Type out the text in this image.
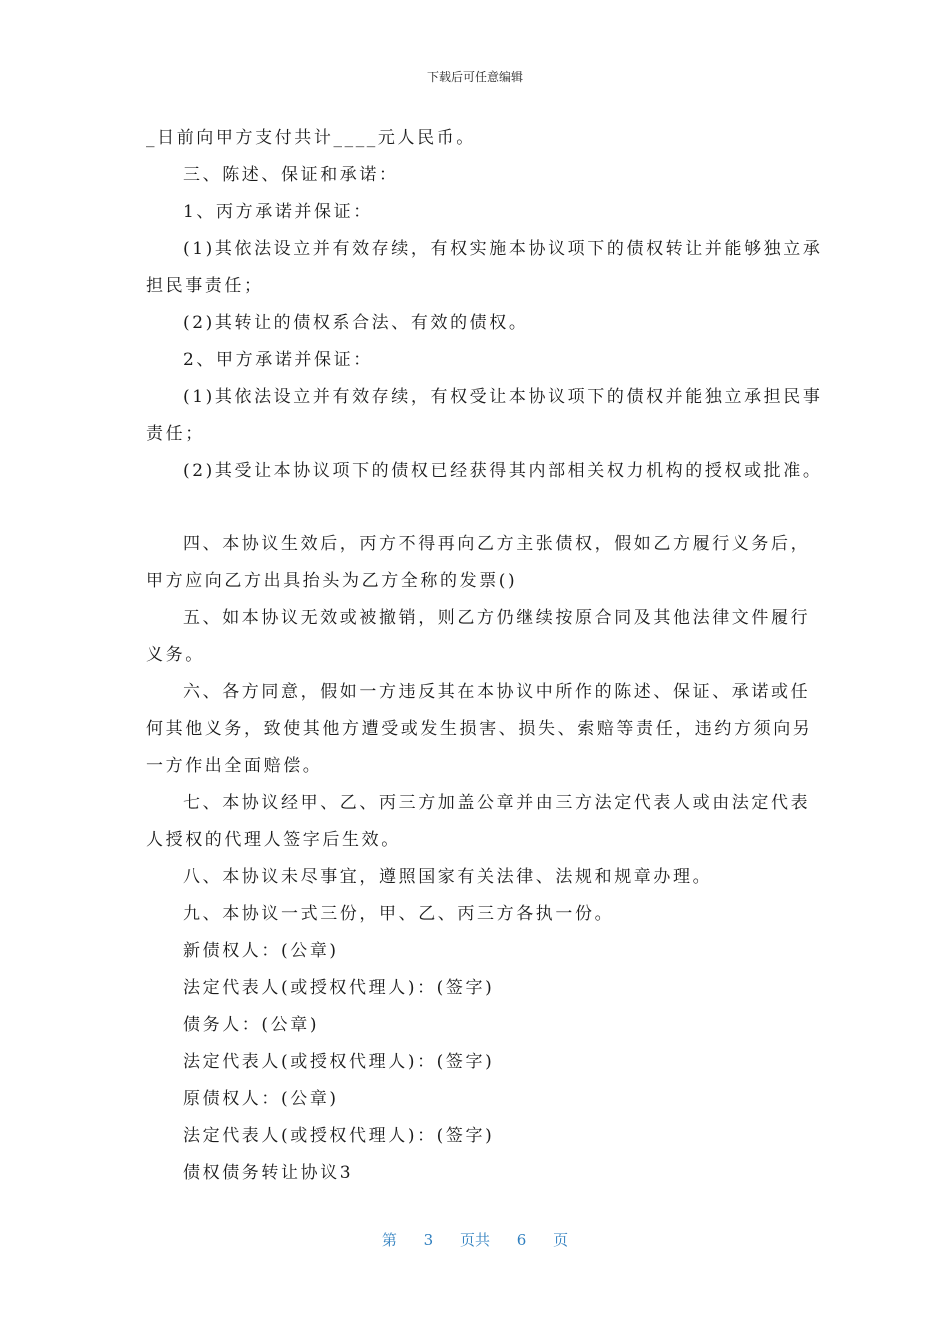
下载后可任意编辑
_日前向甲方支付共计____元人民币。
三、陈述、保证和承诺：
1、丙方承诺并保证：
(1)其依法设立并有效存续，有权实施本协议项下的债权转让并能够独立承
担民事责任；
(2)其转让的债权系合法、有效的债权。
2、甲方承诺并保证：
(1)其依法设立并有效存续，有权受让本协议项下的债权并能独立承担民事
责任；
(2)其受让本协议项下的债权已经获得其内部相关权力机构的授权或批准。
四、本协议生效后，丙方不得再向乙方主张债权，假如乙方履行义务后，
甲方应向乙方出具抬头为乙方全称的发票()
五、如本协议无效或被撤销，则乙方仍继续按原合同及其他法律文件履行
义务。
六、各方同意，假如一方违反其在本协议中所作的陈述、保证、承诺或任
何其他义务，致使其他方遭受或发生损害、损失、索赔等责任，违约方须向另
一方作出全面赔偿。
七、本协议经甲、乙、丙三方加盖公章并由三方法定代表人或由法定代表
人授权的代理人签字后生效。
八、本协议未尽事宜，遵照国家有关法律、法规和规章办理。
九、本协议一式三份，甲、乙、丙三方各执一份。
新债权人：(公章)
法定代表人(或授权代理人)：(签字)
债务人：(公章)
法定代表人(或授权代理人)：(签字)
原债权人：(公章)
法定代表人(或授权代理人)：(签字)
债权债务转让协议3
第 3 页共 6 页
